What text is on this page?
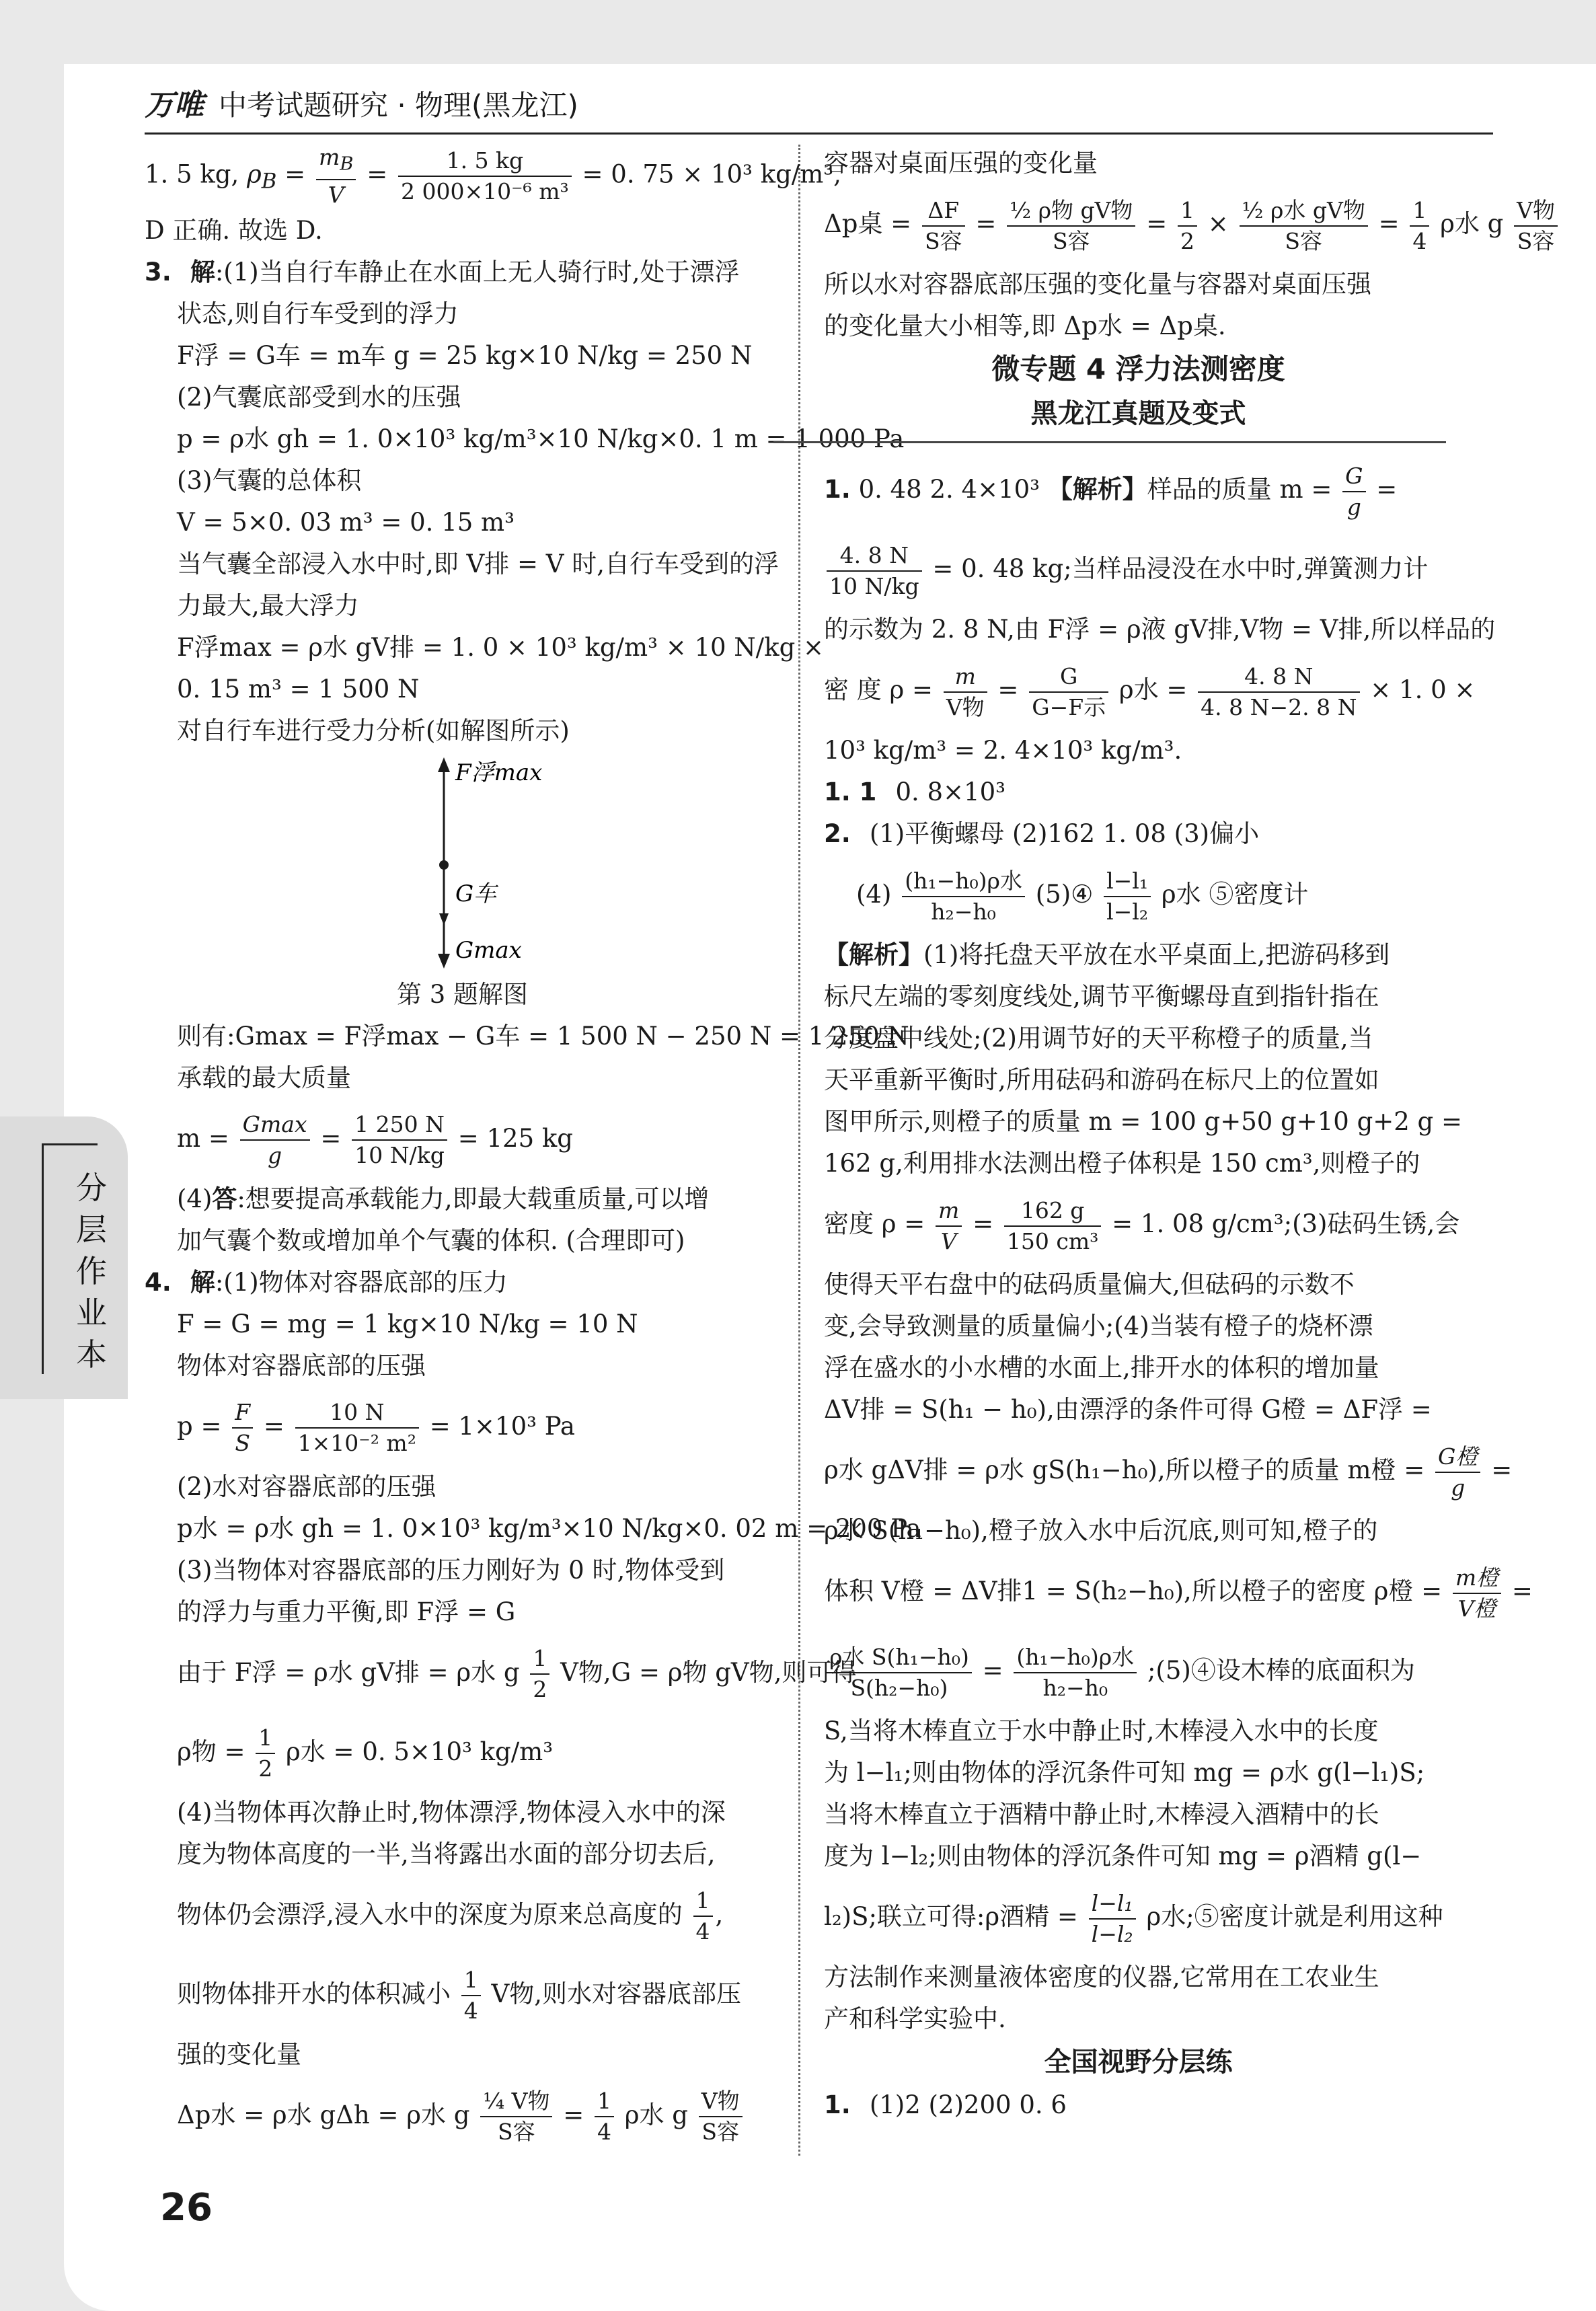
万唯 中考试题研究 · 物理(黑龙江)
1. 5 kg, $\rho_B = \frac{m_B}{V} = \frac{1. 5 kg}{\text{2 000×10⁻⁶ m³}} = 0$. 75 × 10³ kg/m³,
D 正确. 故选 D.
3. 解:(1)当自行车静止在水面上无人骑行时,处于漂浮
状态,则自行车受到的浮力
F浮 = G车 = m车 g = 25 kg×10 N/kg = 250 N
(2)气囊底部受到水的压强
p = ρ水 gh = 1. 0×10³ kg/m³×10 N/kg×0. 1 m = 1 000 Pa
(3)气囊的总体积
V = 5×0. 03 m³ = 0. 15 m³
当气囊全部浸入水中时,即 V排 = V 时,自行车受到的浮
力最大,最大浮力
F浮max = ρ水 gV排 = 1. 0 × 10³ kg/m³ × 10 N/kg ×
0. 15 m³ = 1 500 N
对自行车进行受力分析(如解图所示)
F浮max
G车
Gmax
第 3 题解图
则有:Gmax = F浮max − G车 = 1 500 N − 250 N = 1 250 N
承载的最大质量
$m = \frac{Gmax}{g} = \frac{1 250 N}{10 N/kg} = 125$ kg
(4)答:想要提高承载能力,即最大载重质量,可以增
加气囊个数或增加单个气囊的体积. (合理即可)
4. 解:(1)物体对容器底部的压力
F = G = mg = 1 kg×10 N/kg = 10 N
物体对容器底部的压强
$p = \frac{F}{S} = \frac{10 N}{\text{1×10⁻² m²}} = 1\times 10^3$ Pa
(2)水对容器底部的压强
p水 = ρ水 gh = 1. 0×10³ kg/m³×10 N/kg×0. 02 m = 200 Pa
(3)当物体对容器底部的压力刚好为 0 时,物体受到
的浮力与重力平衡,即 F浮 = G
由于 F浮 = ρ水 gV排 = ρ水 g $\frac{1}{2}$ V物,G = ρ物 gV物,则可得
ρ物 = $\frac{1}{2}$ ρ水 = 0. 5×10³ kg/m³
(4)当物体再次静止时,物体漂浮,物体浸入水中的深
度为物体高度的一半,当将露出水面的部分切去后,
物体仍会漂浮,浸入水中的深度为原来总高度的 $\frac{1}{4}$ ,
则物体排开水的体积减小 $\frac{1}{4}$ V物,则水对容器底部压
强的变化量
Δp水 = ρ水 gΔh = ρ水 g $\frac{\text{¼ V物}}{\text{S容}} = \frac{1}{4}$ ρ水 g $\frac{\text{V物}}{\text{S容}}$
容器对桌面压强的变化量
Δp桌 = $\frac{\Delta F}{\text{S容}} = \frac{\text{½ ρ物 gV物}}{\text{S容}} = \frac{1}{2} \times \frac{\text{½ ρ水 gV物}}{\text{S容}} = \frac{1}{4}$ ρ水 g $\frac{\text{V物}}{\text{S容}}$
所以水对容器底部压强的变化量与容器对桌面压强
的变化量大小相等,即 Δp水 = Δp桌.
微专题 4 浮力法测密度
黑龙江真题及变式
1. 0. 48 2. 4×10³ 【解析】样品的质量 $m = \frac{G}{g}$ =
$\frac{4. 8 N}{10 N/kg} = 0$. 48 kg;当样品浸没在水中时,弹簧测力计
的示数为 2. 8 N,由 F浮 = ρ液 gV排,V物 = V排,所以样品的
密 度 $\rho = \frac{m}{\text{V物}} = \frac{G}{\text{G−F示}}$ ρ水 = $\frac{4. 8 N}{4. 8 N-2. 8 N} \times 1$. 0 ×
10³ kg/m³ = 2. 4×10³ kg/m³.
1. 1 0. 8×10³
2. (1)平衡螺母 (2)162 1. 08 (3)偏小
$(4) \frac{\text{(h₁−h₀)ρ水}}{\text{h₂−h₀}}$ (5)④ $\frac{\text{l−l₁}}{\text{l−l₂}}$ ρ水 ⑤密度计
【解析】(1)将托盘天平放在水平桌面上,把游码移到
标尺左端的零刻度线处,调节平衡螺母直到指针指在
分度盘中线处;(2)用调节好的天平称橙子的质量,当
天平重新平衡时,所用砝码和游码在标尺上的位置如
图甲所示,则橙子的质量 m = 100 g+50 g+10 g+2 g =
162 g,利用排水法测出橙子体积是 150 cm³,则橙子的
密度 $\rho = \frac{m}{V} = \frac{162 g}{\text{150 cm³}} = 1$. 08 g/cm³;(3)砝码生锈,会
使得天平右盘中的砝码质量偏大,但砝码的示数不
变,会导致测量的质量偏小;(4)当装有橙子的烧杯漂
浮在盛水的小水槽的水面上,排开水的体积的增加量
ΔV排 = S(h₁ − h₀),由漂浮的条件可得 G橙 = ΔF浮 =
ρ水 gΔV排 = ρ水 gS(h₁−h₀),所以橙子的质量 m橙 = $\frac{\text{G橙}}{g}$ =
ρ水 S(h₁−h₀),橙子放入水中后沉底,则可知,橙子的
体积 V橙 = ΔV排1 = S(h₂−h₀),所以橙子的密度 ρ橙 = $\frac{\text{m橙}}{\text{V橙}}$ =
$\frac{\text{ρ水 S(h₁−h₀)}}{\text{S(h₂−h₀)}} = \frac{\text{(h₁−h₀)ρ水}}{\text{h₂−h₀}}$ ;(5)④设木棒的底面积为
S,当将木棒直立于水中静止时,木棒浸入水中的长度
为 l−l₁;则由物体的浮沉条件可知 mg = ρ水 g(l−l₁)S;
当将木棒直立于酒精中静止时,木棒浸入酒精中的长
度为 l−l₂;则由物体的浮沉条件可知 mg = ρ酒精 g(l−
l₂)S;联立可得:ρ酒精 = $\frac{\text{l−l₁}}{\text{l−l₂}}$ ρ水;⑤密度计就是利用这种
方法制作来测量液体密度的仪器,它常用在工农业生
产和科学实验中.
全国视野分层练
1. (1)2 (2)200 0. 6
分层作业本
26
